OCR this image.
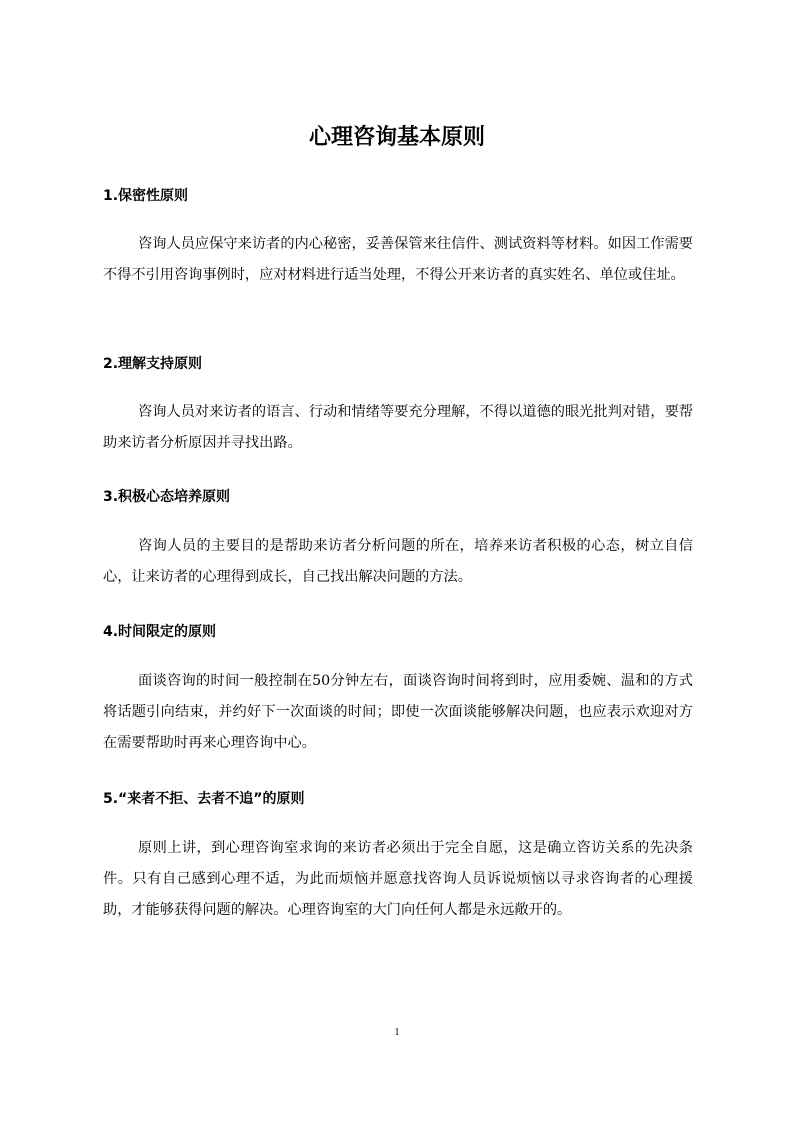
心理咨询基本原则
1.保密性原则

咨询人员应保守来访者的内心秘密，妥善保管来往信件、测试资料等材料。如因工作需要不得不引用咨询事例时，应对材料进行适当处理，不得公开来访者的真实姓名、单位或住址。

2.理解支持原则

咨询人员对来访者的语言、行动和情绪等要充分理解，不得以道德的眼光批判对错，要帮助来访者分析原因并寻找出路。

3.积极心态培养原则

咨询人员的主要目的是帮助来访者分析问题的所在，培养来访者积极的心态，树立自信心，让来访者的心理得到成长，自己找出解决问题的方法。

4.时间限定的原则

面谈咨询的时间一般控制在50分钟左右，面谈咨询时间将到时，应用委婉、温和的方式将话题引向结束，并约好下一次面谈的时间；即使一次面谈能够解决问题，也应表示欢迎对方在需要帮助时再来心理咨询中心。

5.“来者不拒、去者不追”的原则

原则上讲，到心理咨询室求询的来访者必须出于完全自愿，这是确立咨访关系的先决条件。只有自己感到心理不适，为此而烦恼并愿意找咨询人员诉说烦恼以寻求咨询者的心理援助，才能够获得问题的解决。心理咨询室的大门向任何人都是永远敞开的。

1
